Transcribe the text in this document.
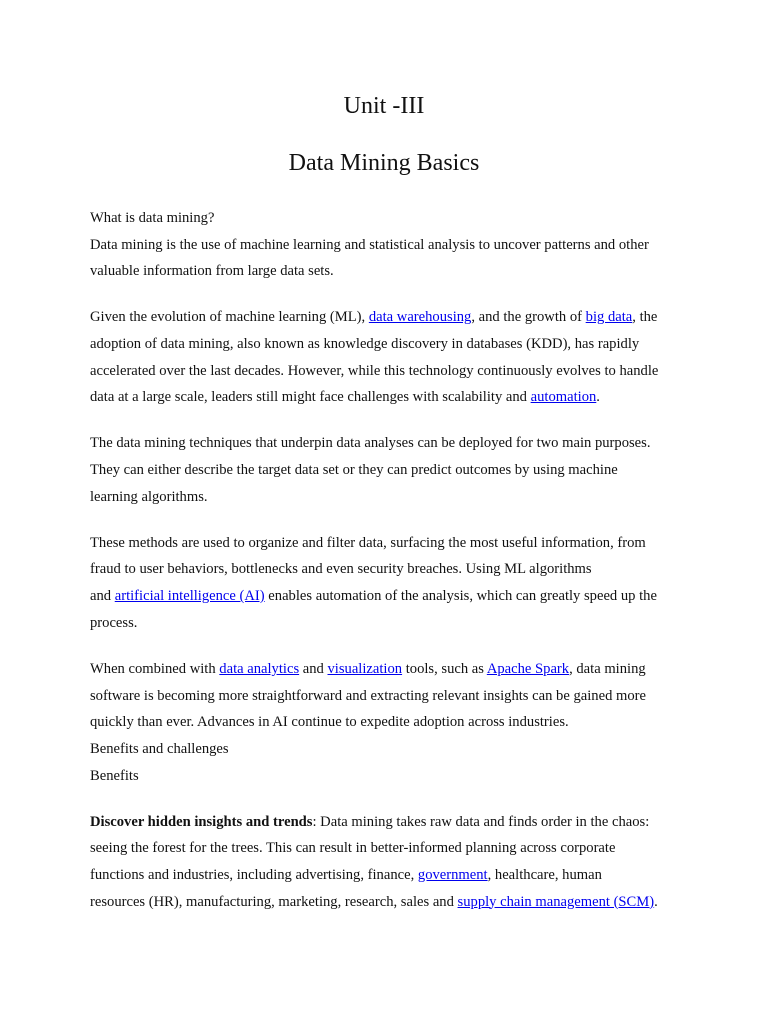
Unit -III
Data Mining Basics
What is data mining?
Data mining is the use of machine learning and statistical analysis to uncover patterns and other
valuable information from large data sets.
Given the evolution of machine learning (ML), data warehousing, and the growth of big data, the
adoption of data mining, also known as knowledge discovery in databases (KDD), has rapidly
accelerated over the last decades. However, while this technology continuously evolves to handle
data at a large scale, leaders still might face challenges with scalability and automation.
The data mining techniques that underpin data analyses can be deployed for two main purposes.
They can either describe the target data set or they can predict outcomes by using machine
learning algorithms.
These methods are used to organize and filter data, surfacing the most useful information, from
fraud to user behaviors, bottlenecks and even security breaches. Using ML algorithms
and artificial intelligence (AI) enables automation of the analysis, which can greatly speed up the
process.
When combined with data analytics and visualization tools, such as Apache Spark, data mining
software is becoming more straightforward and extracting relevant insights can be gained more
quickly than ever. Advances in AI continue to expedite adoption across industries.
Benefits and challenges
Benefits
Discover hidden insights and trends: Data mining takes raw data and finds order in the chaos:
seeing the forest for the trees. This can result in better-informed planning across corporate
functions and industries, including advertising, finance, government, healthcare, human
resources (HR), manufacturing, marketing, research, sales and supply chain management (SCM).
